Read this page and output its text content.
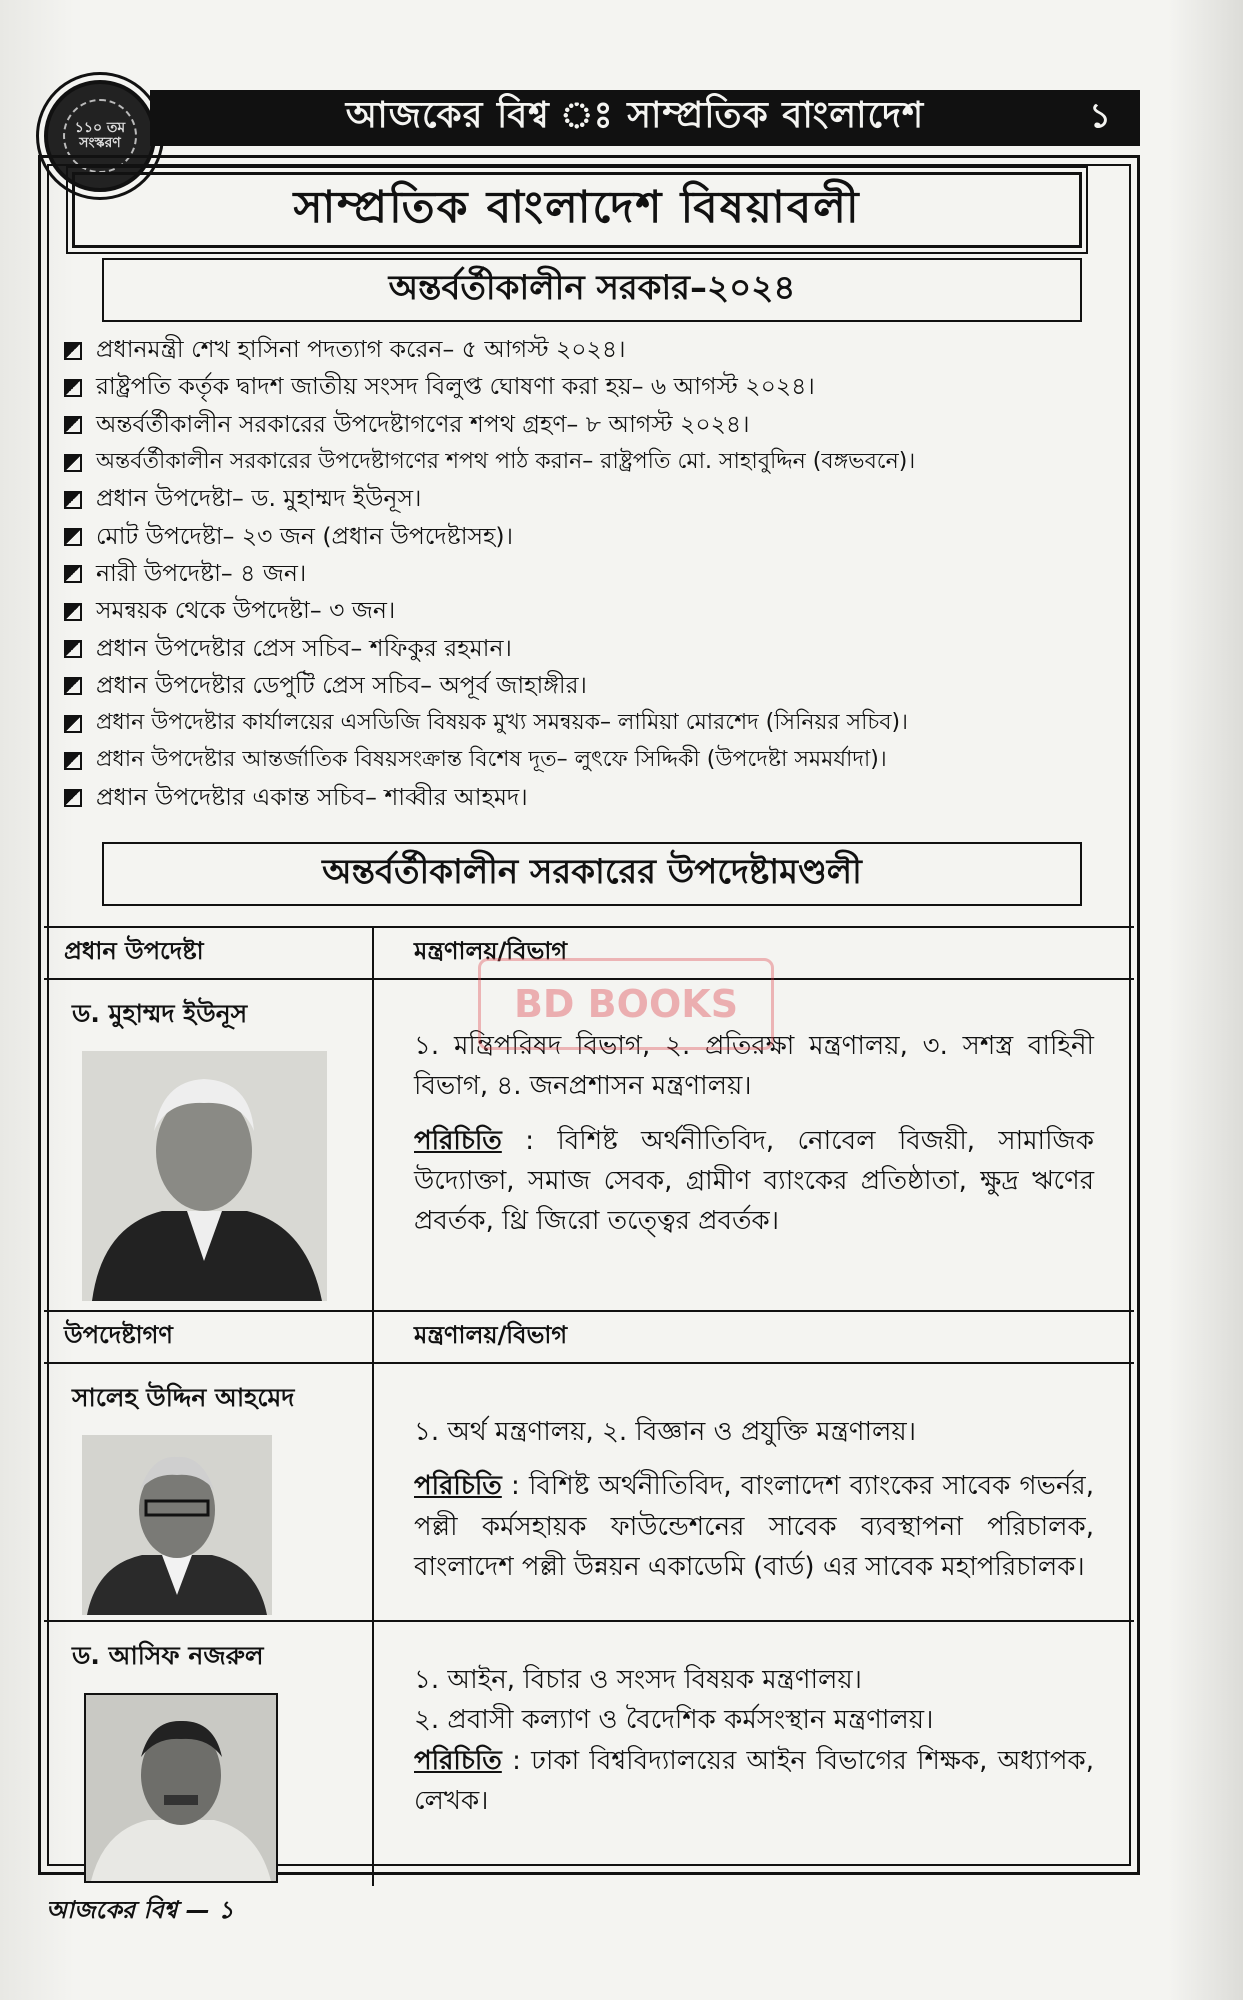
১১০ তম সংস্করণ
আজকের বিশ্ব ঃ সাম্প্রতিক বাংলাদেশ	১
সাম্প্রতিক বাংলাদেশ বিষয়াবলী
অন্তর্বর্তীকালীন সরকার–২০২৪
প্রধানমন্ত্রী শেখ হাসিনা পদত্যাগ করেন– ৫ আগস্ট ২০২৪।
রাষ্ট্রপতি কর্তৃক দ্বাদশ জাতীয় সংসদ বিলুপ্ত ঘোষণা করা হয়– ৬ আগস্ট ২০২৪।
অন্তর্বর্তীকালীন সরকারের উপদেষ্টাগণের শপথ গ্রহণ– ৮ আগস্ট ২০২৪।
অন্তর্বর্তীকালীন সরকারের উপদেষ্টাগণের শপথ পাঠ করান– রাষ্ট্রপতি মো. সাহাবুদ্দিন (বঙ্গভবনে)।
প্রধান উপদেষ্টা– ড. মুহাম্মদ ইউনূস।
মোট উপদেষ্টা– ২৩ জন (প্রধান উপদেষ্টাসহ)।
নারী উপদেষ্টা– ৪ জন।
সমন্বয়ক থেকে উপদেষ্টা– ৩ জন।
প্রধান উপদেষ্টার প্রেস সচিব– শফিকুর রহমান।
প্রধান উপদেষ্টার ডেপুটি প্রেস সচিব– অপূর্ব জাহাঙ্গীর।
প্রধান উপদেষ্টার কার্যালয়ের এসডিজি বিষয়ক মুখ্য সমন্বয়ক– লামিয়া মোরশেদ (সিনিয়র সচিব)।
প্রধান উপদেষ্টার আন্তর্জাতিক বিষয়সংক্রান্ত বিশেষ দূত– লুৎফে সিদ্দিকী (উপদেষ্টা সমমর্যাদা)।
প্রধান উপদেষ্টার একান্ত সচিব– শাব্বীর আহমদ।
অন্তর্বর্তীকালীন সরকারের উপদেষ্টামণ্ডলী
প্রধান উপদেষ্টা	মন্ত্রণালয়/বিভাগ
ড. মুহাম্মদ ইউনূস
১. মন্ত্রিপরিষদ বিভাগ, ২. প্রতিরক্ষা মন্ত্রণালয়, ৩. সশস্ত্র বাহিনী বিভাগ, ৪. জনপ্রশাসন মন্ত্রণালয়।
পরিচিতি : বিশিষ্ট অর্থনীতিবিদ, নোবেল বিজয়ী, সামাজিক উদ্যোক্তা, সমাজ সেবক, গ্রামীণ ব্যাংকের প্রতিষ্ঠাতা, ক্ষুদ্র ঋণের প্রবর্তক, থ্রি জিরো তত্ত্বের প্রবর্তক।
উপদেষ্টাগণ	মন্ত্রণালয়/বিভাগ
সালেহ উদ্দিন আহমেদ
১. অর্থ মন্ত্রণালয়, ২. বিজ্ঞান ও প্রযুক্তি মন্ত্রণালয়।
পরিচিতি : বিশিষ্ট অর্থনীতিবিদ, বাংলাদেশ ব্যাংকের সাবেক গভর্নর, পল্লী কর্মসহায়ক ফাউন্ডেশনের সাবেক ব্যবস্থাপনা পরিচালক, বাংলাদেশ পল্লী উন্নয়ন একাডেমি (বার্ড) এর সাবেক মহাপরিচালক।
ড. আসিফ নজরুল
১. আইন, বিচার ও সংসদ বিষয়ক মন্ত্রণালয়।
২. প্রবাসী কল্যাণ ও বৈদেশিক কর্মসংস্থান মন্ত্রণালয়।
পরিচিতি : ঢাকা বিশ্ববিদ্যালয়ের আইন বিভাগের শিক্ষক, অধ্যাপক, লেখক।
BD BOOKS
আজকের বিশ্ব — ১
